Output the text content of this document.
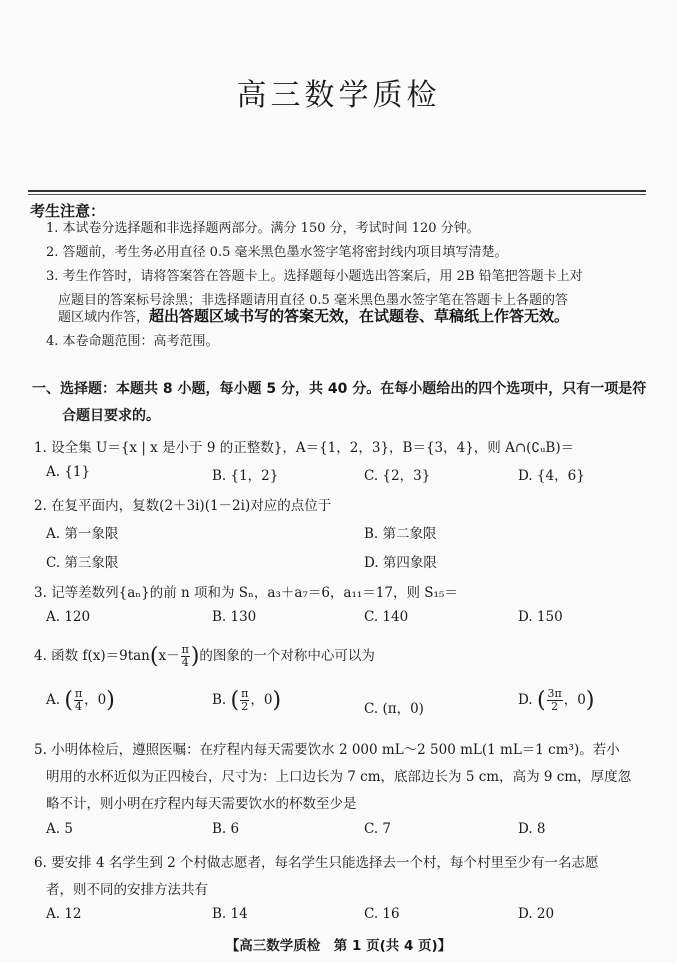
高三数学质检
考生注意：
1. 本试卷分选择题和非选择题两部分。满分 150 分，考试时间 120 分钟。
2. 答题前，考生务必用直径 0.5 毫米黑色墨水签字笔将密封线内项目填写清楚。
3. 考生作答时，请将答案答在答题卡上。选择题每小题选出答案后，用 2B 铅笔把答题卡上对
应题目的答案标号涂黑；非选择题请用直径 0.5 毫米黑色墨水签字笔在答题卡上各题的答
题区域内作答，超出答题区域书写的答案无效，在试题卷、草稿纸上作答无效。
4. 本卷命题范围：高考范围。
一、选择题：本题共 8 小题，每小题 5 分，共 40 分。在每小题给出的四个选项中，只有一项是符
合题目要求的。
1. 设全集 U＝{x | x 是小于 9 的正整数}，A＝{1，2，3}，B＝{3，4}，则 A∩(∁ᵤB)＝
A. {1}	B. {1，2}	C. {2，3}	D. {4，6}
2. 在复平面内，复数(2＋3i)(1－2i)对应的点位于
A. 第一象限	B. 第二象限
C. 第三象限	D. 第四象限
3. 记等差数列{aₙ}的前 n 项和为 Sₙ，a₃＋a₇＝6，a₁₁＝17，则 S₁₅＝
A. 120	B. 130	C. 140	D. 150
4. 函数 $f(x)=9\tan(x- \frac{\pi}{4}$ )的图象的一个对称中心可以为
A. ( $\frac{\pi}{4}$ ，0)	B. ( $\frac{\pi}{2}$ ，0)	C. (π，0)
D. ( $\frac{3\pi}{2}$ ，0)
5. 小明体检后，遵照医嘱：在疗程内每天需要饮水 2 000 mL～2 500 mL(1 mL＝1 cm³)。若小
明用的水杯近似为正四棱台，尺寸为：上口边长为 7 cm，底部边长为 5 cm，高为 9 cm，厚度忽
略不计，则小明在疗程内每天需要饮水的杯数至少是
A. 5	B. 6	C. 7	D. 8
6. 要安排 4 名学生到 2 个村做志愿者，每名学生只能选择去一个村，每个村里至少有一名志愿
者，则不同的安排方法共有
A. 12	B. 14	C. 16	D. 20
【高三数学质检　第 1 页(共 4 页)】
